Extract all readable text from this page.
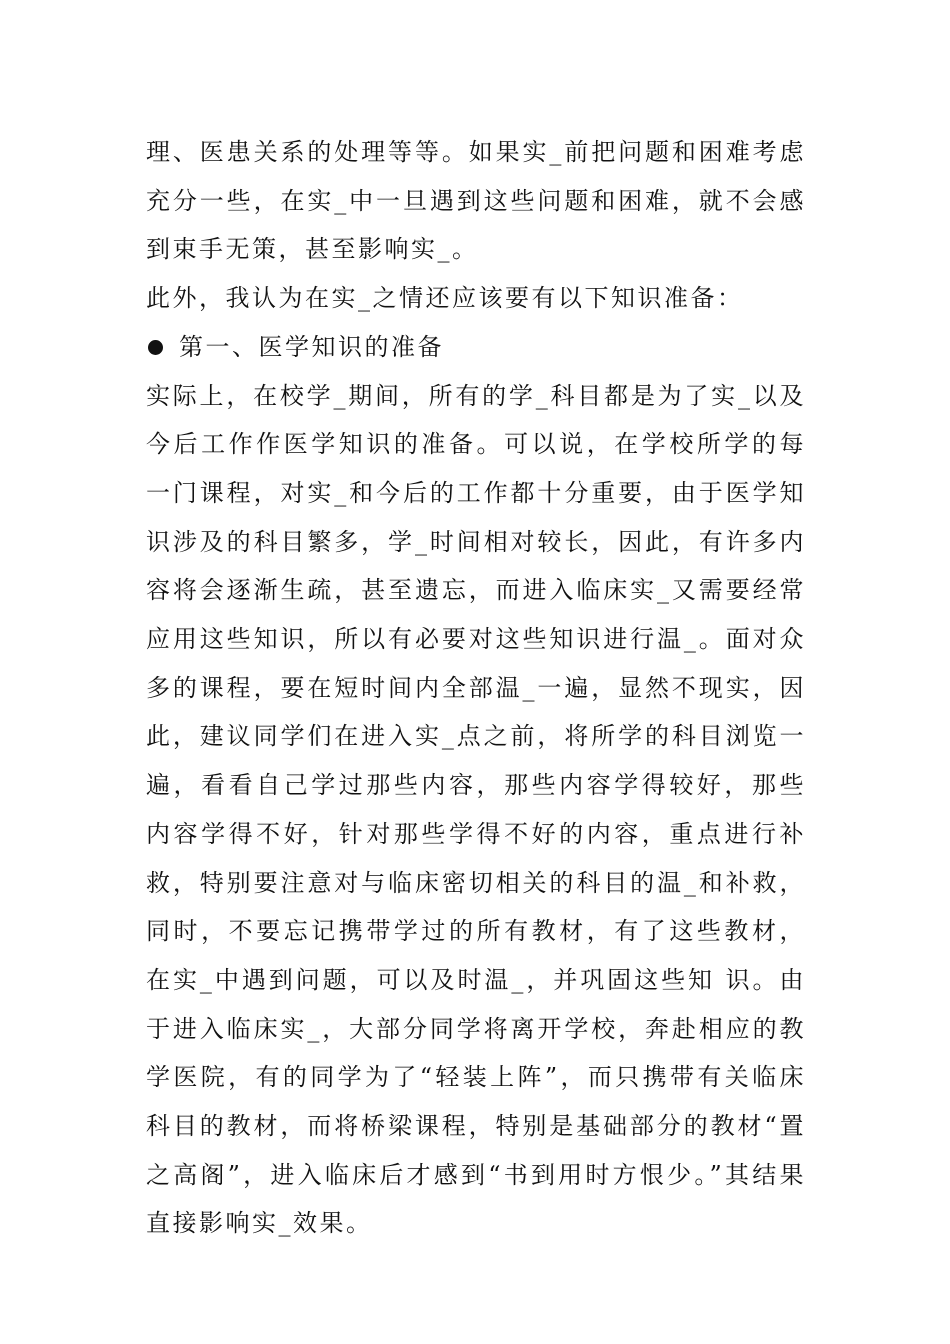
理、医患关系的处理等等。如果实_前把问题和困难考虑充分一些，在实_中一旦遇到这些问题和困难，就不会感到束手无策，甚至影响实_。

此外，我认为在实_之情还应该要有以下知识准备：

第一、医学知识的准备

实际上，在校学_期间，所有的学_科目都是为了实_以及今后工作作医学知识的准备。可以说，在学校所学的每一门课程，对实_和今后的工作都十分重要，由于医学知识涉及的科目繁多，学_时间相对较长，因此，有许多内容将会逐渐生疏，甚至遗忘，而进入临床实_又需要经常应用这些知识，所以有必要对这些知识进行温_。面对众多的课程，要在短时间内全部温_一遍，显然不现实，因此，建议同学们在进入实_点之前，将所学的科目浏览一遍，看看自己学过那些内容，那些内容学得较好，那些内容学得不好，针对那些学得不好的内容，重点进行补救，特别要注意对与临床密切相关的科目的温_和补救，同时，不要忘记携带学过的所有教材，有了这些教材，在实_中遇到问题，可以及时温_，并巩固这些知 识。由于进入临床实_，大部分同学将离开学校，奔赴相应的教学医院，有的同学为了“轻装上阵”，而只携带有关临床科目的教材，而将桥梁课程，特别是基础部分的教材“置之高阁”，进入临床后才感到“书到用时方恨少。”其结果直接影响实_效果。
